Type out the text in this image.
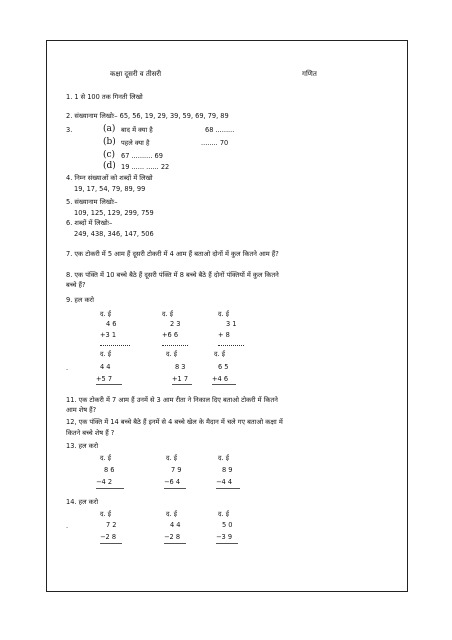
कक्षा दूसरी व तीसरी	गणित
1. 1 से 100 तक गिनती लिखो
2. संख्यानाम लिखोः– 65, 56, 19, 29, 39, 59, 69, 79, 89
3.	(a) बाद में क्या है	68 .........
(b) पहले क्या है	........ 70
(c) 67 .......... 69
(d) 19 ...... ...... 22
4. निम्न संख्याओं को शब्दों में लिखो
19, 17, 54, 79, 89, 99
5. संख्यानाम लिखोः–
109, 125, 129, 299, 759
6. शब्दों में लिखोः–
249, 438, 346, 147, 506
7. एक टोकरी में 5 आम हैं दूसरी टोकरी में 4 आम हैं बताओ दोनों में कुल कितने आम हैं?
8. एक पंक्ति में 10 बच्चे बैठे हैं दूसरी पंक्ति में 8 बच्चे बैठे हैं दोनों पंक्तियों में कुल कितने
बच्चे हैं?
9. हल करो
द. ई	द. ई	द. ई
4 6	2 3	3 1
+3 1	+6 6	+ 8
द. ई	द. ई	द. ई
.	4 4	8 3	6 5
+5 7	+1 7	+4 6
11. एक टोकरी में 7 आम हैं उनमें से 3 आम रीता ने निकाल दिए बताओ टोकरी में कितने
आम शेष हैं?
12, एक पंक्ति में 14 बच्चे बैठे हैं इनमें से 4 बच्चे खेल के मैदान में चले गए बताओ कक्षा में
कितने बच्चे शेष हैं ?
13. हल करो
द. ई	द. ई	द. ई
8 6	7 9	8 9
−4 2	−6 4	−4 4
14. हल करो
द. ई	द. ई	द. ई
.	7 2	4 4	5 0
−2 8	−2 8	−3 9
